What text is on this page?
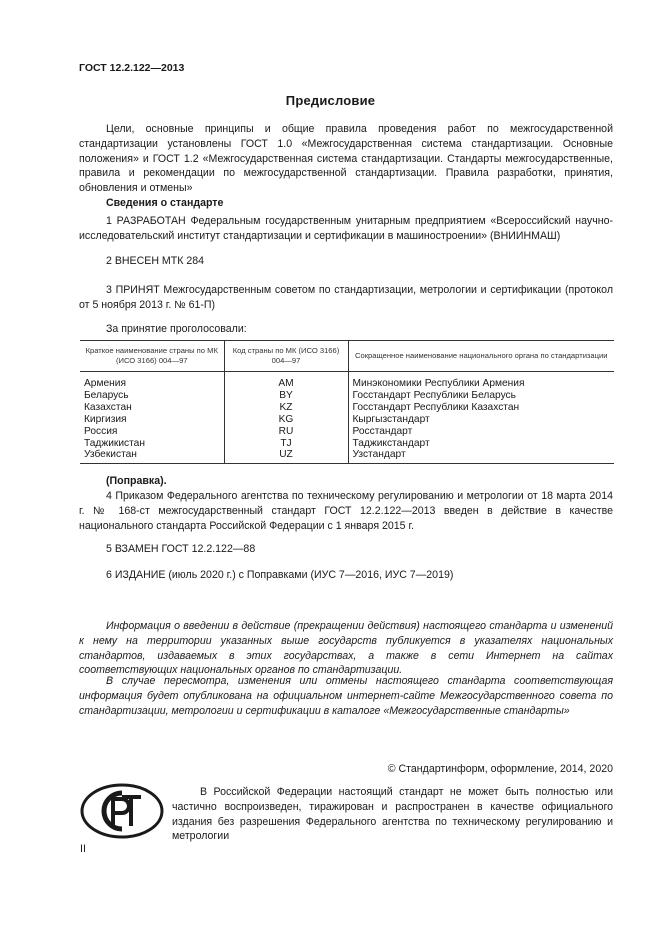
ГОСТ 12.2.122—2013
Предисловие
Цели, основные принципы и общие правила проведения работ по межгосударственной стандартизации установлены ГОСТ 1.0 «Межгосударственная система стандартизации. Основные положения» и ГОСТ 1.2 «Межгосударственная система стандартизации. Стандарты межгосударственные, правила и рекомендации по межгосударственной стандартизации. Правила разработки, принятия, обновления и отмены»
Сведения о стандарте
1 РАЗРАБОТАН Федеральным государственным унитарным предприятием «Всероссийский научно-исследовательский институт стандартизации и сертификации в машиностроении» (ВНИИНМАШ)
2 ВНЕСЕН МТК 284
3 ПРИНЯТ Межгосударственным советом по стандартизации, метрологии и сертификации (протокол от 5 ноября 2013 г. № 61-П)
За принятие проголосовали:
Краткое наименование страны по МК (ИСО 3166) 004—97	Код страны по МК (ИСО 3166) 004—97	Сокращенное наименование национального органа по стандартизации
Армения	AM	Минэкономики Республики Армения
Беларусь	BY	Госстандарт Республики Беларусь
Казахстан	KZ	Госстандарт Республики Казахстан
Киргизия	KG	Кыргызстандарт
Россия	RU	Росстандарт
Таджикистан	TJ	Таджикстандарт
Узбекистан	UZ	Узстандарт
(Поправка).
4 Приказом Федерального агентства по техническому регулированию и метрологии от 18 марта 2014 г. № 168-ст межгосударственный стандарт ГОСТ 12.2.122—2013 введен в действие в качестве национального стандарта Российской Федерации с 1 января 2015 г.
5 ВЗАМЕН ГОСТ 12.2.122—88
6 ИЗДАНИЕ (июль 2020 г.) с Поправками (ИУС 7—2016, ИУС 7—2019)
Информация о введении в действие (прекращении действия) настоящего стандарта и изменений к нему на территории указанных выше государств публикуется в указателях национальных стандартов, издаваемых в этих государствах, а также в сети Интернет на сайтах соответствующих национальных органов по стандартизации.
В случае пересмотра, изменения или отмены настоящего стандарта соответствующая информация будет опубликована на официальном интернет-сайте Межгосударственного совета по стандартизации, метрологии и сертификации в каталоге «Межгосударственные стандарты»
© Стандартинформ, оформление, 2014, 2020
В Российской Федерации настоящий стандарт не может быть полностью или частично воспроизведен, тиражирован и распространен в качестве официального издания без разрешения Федерального агентства по техническому регулированию и метрологии
II
